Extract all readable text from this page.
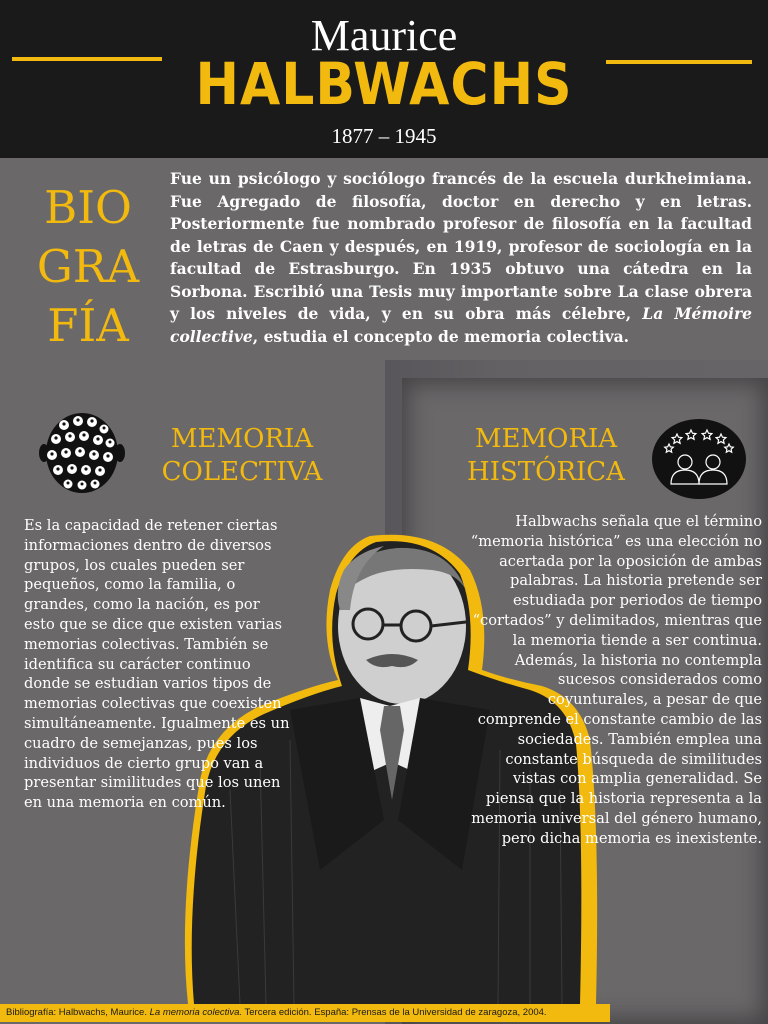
Maurice
HALBWACHS
1877 – 1945
BIO
GRA
FÍA
Fue un psicólogo y sociólogo francés de la escuela durkheimiana. Fue Agregado de filosofía, doctor en derecho y en letras. Posteriormente fue nombrado profesor de filosofía en la facultad de letras de Caen y después, en 1919, profesor de sociología en la facultad de Estrasburgo. En 1935 obtuvo una cátedra en la Sorbona. Escribió una Tesis muy importante sobre La clase obrera y los niveles de vida, y en su obra más célebre, La Mémoire collective, estudia el concepto de memoria colectiva.
MEMORIA
COLECTIVA
MEMORIA
HISTÓRICA
Es la capacidad de retener ciertas informaciones dentro de diversos grupos, los cuales pueden ser pequeños, como la familia, o grandes, como la nación, es por esto que se dice que existen varias memorias colectivas. También se identifica su carácter continuo donde se estudian varios tipos de memorias colectivas que coexisten simultáneamente. Igualmente es un cuadro de semejanzas, pues los individuos de cierto grupo van a presentar similitudes que los unen en una memoria en común.
Halbwachs señala que el término “memoria histórica” es una elección no acertada por la oposición de ambas palabras. La historia pretende ser estudiada por periodos de tiempo “cortados” y delimitados, mientras que la memoria tiende a ser continua. Además, la historia no contempla sucesos considerados como coyunturales, a pesar de que comprende el constante cambio de las sociedades. También emplea una constante búsqueda de similitudes vistas con amplia generalidad. Se piensa que la historia representa a la memoria universal del género humano, pero dicha memoria es inexistente.
Bibliografía: Halbwachs, Maurice. La memoria colectiva. Tercera edición. España: Prensas de la Universidad de zaragoza, 2004.
